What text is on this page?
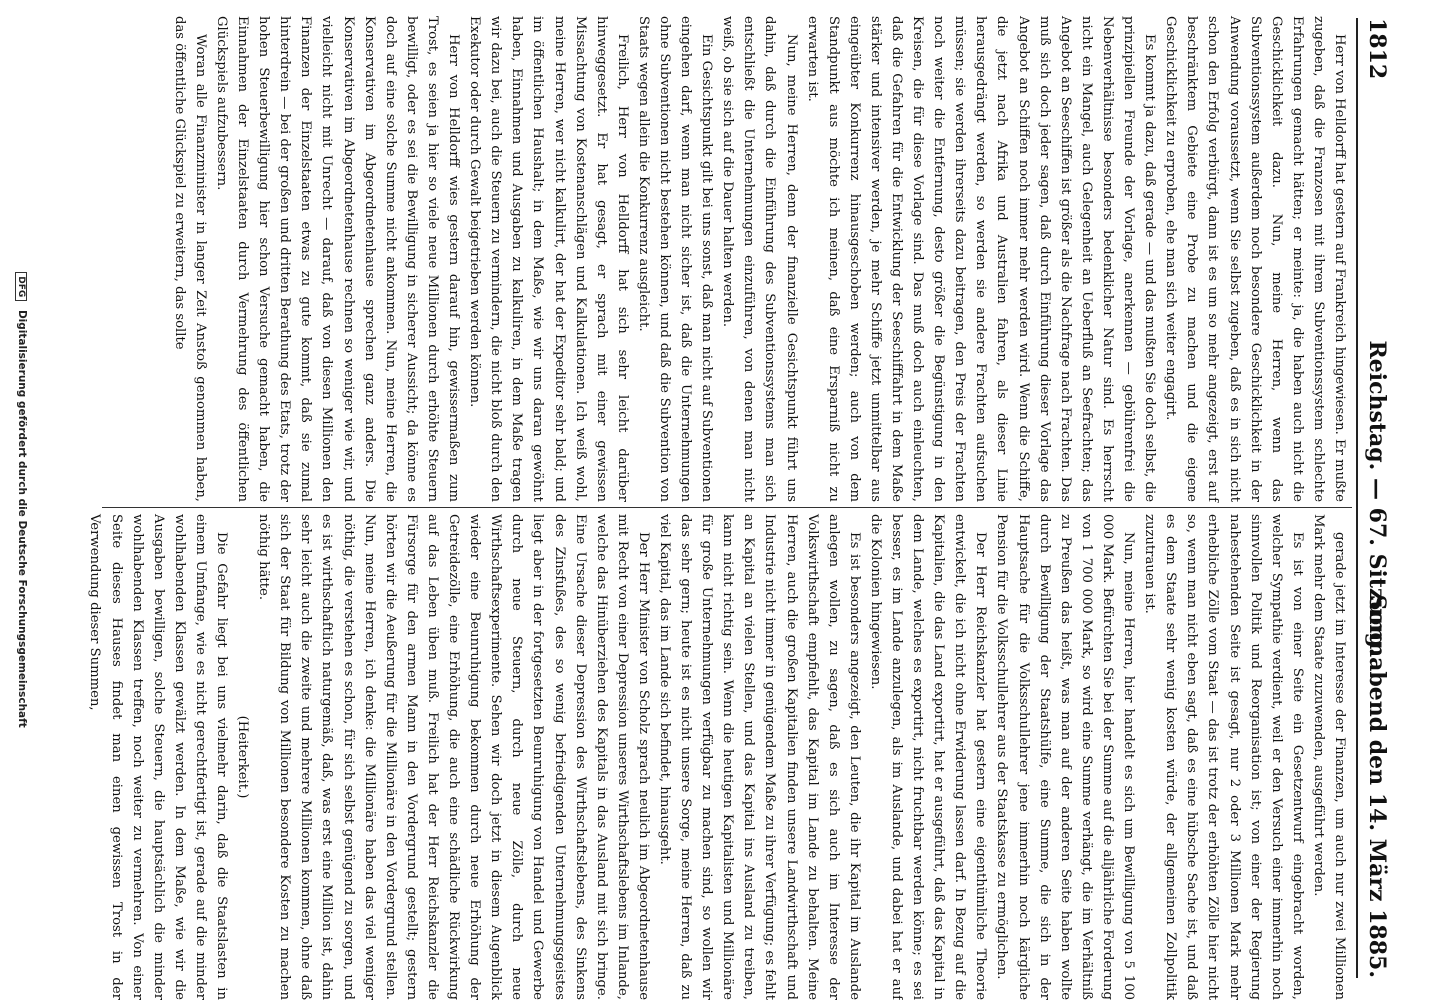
1812
Reichstag. — 67. Sitzung.
Sonnabend den 14. März 1885.

Herr von Helldorff hat gestern auf Frankreich hingewiesen. Er mußte zugeben, daß die Franzosen mit ihrem Subventionssystem schlechte Erfahrungen gemacht hätten; er meinte: ja, die haben auch nicht die Geschicklichkeit dazu. Nun, meine Herren, wenn das Subventionssystem außerdem noch besondere Geschicklichkeit in der Anwendung voraussetzt, wenn Sie selbst zugeben, daß es in sich nicht schon den Erfolg verbürgt, dann ist es um so mehr angezeigt, erst auf beschränktem Gebiete eine Probe zu machen und die eigene Geschicklichkeit zu erproben, ehe man sich weiter engagirt.

Es kommt ja dazu, daß gerade — und das mußten Sie doch selbst, die prinzipiellen Freunde der Vorlage, anerkennen — gebührenfrei die Nebenverhältnisse besonders bedenklicher Natur sind. Es herrscht nicht ein Mangel, auch Gelegenheit an Ueberfluß an Seefrachten; das Angebot an Seeschiffen ist größer als die Nachfrage nach Frachten. Das muß sich doch jeder sagen, daß durch Einführung dieser Vorlage das Angebot an Schiffen noch immer mehr werden wird. Wenn die Schiffe, die jetzt nach Afrika und Australien fahren, als dieser Linie herausgedrängt werden, so werden sie andere Frachten aufsuchen müssen; sie werden ihrerseits dazu beitragen, den Preis der Frachten noch weiter die Entfernung, desto größer die Begünstigung in den Kreisen, die für diese Vorlage sind. Das muß doch auch einleuchten, daß die Gefahren für die Entwicklung der Seeschifffahrt in dem Maße stärker und intensiver werden, je mehr Schiffe jetzt unmittelbar aus eingeübter Konkurrenz hinausgeschoben werden; auch von dem Standpunkt aus möchte ich meinen, daß eine Ersparniß nicht zu erwarten ist.

Nun, meine Herren, denn der finanzielle Gesichtspunkt führt uns dahin, daß durch die Einführung des Subventionssystems man sich entschließt die Unternehmungen einzuführen, von denen man nicht weiß, ob sie sich auf die Dauer halten werden.

Ein Gesichtspunkt gilt bei uns sonst, daß man nicht auf Subventionen eingehen darf, wenn man nicht sicher ist, daß die Unternehmungen ohne Subventionen nicht bestehen können, und daß die Subvention von Staats wegen allein die Konkurrenz ausgleicht.

Freilich, Herr von Helldorff hat sich sehr leicht darüber hinweggesetzt. Er hat gesagt, er sprach mit einer gewissen Missachtung von Kostenanschlägen und Kalkulationen. Ich weiß wohl, meine Herren, wer nicht kalkulirt, der hat der Expeditor sehr bald; und im öffentlichen Haushalt; in dem Maße, wie wir uns daran gewöhnt haben, Einnahmen und Ausgaben zu kalkuliren, in dem Maße tragen wir dazu bei, auch die Steuern zu vermindern, die nicht bloß durch den Exekutor oder durch Gewalt beigetrieben werden können.

Herr von Helldorff wies gestern darauf hin, gewissermaßen zum Trost, es seien ja hier so viele neue Millionen durch erhöhte Steuern bewilligt, oder es sei die Bewilligung in sicherer Aussicht; da könne es doch auf eine solche Summe nicht ankommen. Nun, meine Herren, die Konservativen im Abgeordnetenhause sprechen ganz anders. Die Konservativen im Abgeordnetenhause rechnen so weniger wie wir, und vielleicht nicht mit Unrecht — darauf, daß von diesen Millionen den Finanzen der Einzelstaaten etwas zu gute kommt, daß sie zumal hinterdrein — bei der großen und dritten Berathung des Etats, trotz der hohen Steuerbewilligung hier schon Versuche gemacht haben, die Einnahmen der Einzelstaaten durch Vermehrung des öffentlichen Glückspiels aufzubessern.

Woran alle Finanzminister in langer Zeit Anstoß genommen haben, das öffentliche Glückspiel zu erweitern, das sollte

gerade jetzt im Interesse der Finanzen, um auch nur zwei Millionen Mark mehr dem Staate zuzuwenden, ausgeführt werden.

Es ist von einer Seite ein Gesetzentwurf eingebracht worden, welcher Sympathie verdient, weil er den Versuch einer immerhin noch sinnvollen Politik und Reorganisation ist; von einer der Regierung nahestehenden Seite ist gesagt, nur 2 oder 3 Millionen Mark mehr erhebliche Zölle vom Staat — das ist trotz der erhöhten Zölle hier nicht so, wenn man nicht eben sagt, daß es eine hübsche Sache ist, und daß es dem Staate sehr wenig kosten würde, der allgemeinen Zollpolitik zuzutrauen ist.

Nun, meine Herren, hier handelt es sich um Bewilligung von 5 100 000 Mark. Befürchten Sie bei der Summe auf die alljährliche Forderung von 1 700 000 Mark, so wird eine Summe verhängt, die im Verhältniß zu Preußen das heißt, was man auf der anderen Seite haben wollte durch Bewilligung der Staatshülfe, eine Summe, die sich in der Hauptsache für die Volksschullehrer jene immerhin noch kärgliche Pension für die Volksschullehrer aus der Staatskasse zu ermöglichen.

Der Herr Reichskanzler hat gestern eine eigenthümliche Theorie entwickelt, die ich nicht ohne Erwiderung lassen darf. In Bezug auf die Kapitalien, die das Land exportirt, hat er ausgeführt, daß das Kapital in dem Lande, welches es exportirt, nicht fruchtbar werden könne; es sei besser, es im Lande anzulegen, als im Auslande, und dabei hat er auf die Kolonien hingewiesen.

Es ist besonders angezeigt, den Leuten, die ihr Kapital im Auslande anlegen wollen, zu sagen, daß es sich auch im Interesse der Volkswirthschaft empfiehlt, das Kapital im Lande zu behalten. Meine Herren, auch die großen Kapitalien finden unsere Landwirthschaft und Industrie nicht immer in genügendem Maße zu ihrer Verfügung; es fehlt an Kapital an vielen Stellen, und das Kapital ins Ausland zu treiben, kann nicht richtig sein. Wenn die heutigen Kapitalisten und Millionäre für große Unternehmungen verfügbar zu machen sind, so wollen wir das sehr gern; heute ist es nicht unsere Sorge, meine Herren, daß zu viel Kapital, das im Lande sich befindet, hinausgeht.

Der Herr Minister von Scholz sprach neulich im Abgeordnetenhause mit Recht von einer Depression unseres Wirthschaftslebens im Inlande, welche das Hinüberziehen des Kapitals in das Ausland mit sich bringe. Eine Ursache dieser Depression des Wirthschaftslebens, des Sinkens des Zinsfußes, des so wenig befriedigenden Unternehmungsgeistes liegt aber in der fortgesetzten Beunruhigung von Handel und Gewerbe durch neue Steuern, durch neue Zölle, durch neue Wirthschaftsexperimente. Sehen wir doch jetzt in diesem Augenblick wieder eine Beunruhigung bekommen durch neue Erhöhung der Getreidezölle, eine Erhöhung, die auch eine schädliche Rückwirkung auf das Leben üben muß. Freilich hat der Herr Reichskanzler die Fürsorge für den armen Mann in den Vordergrund gestellt; gestern hörten wir die Aeußerung für die Millionäre in den Vordergrund stellen. Nun, meine Herren, ich denke: die Millionäre haben das viel weniger nöthig, die verstehen es schon, für sich selbst genügend zu sorgen, und es ist wirthschaftlich naturgemäß, daß, was erst eine Million ist, dahin sehr leicht auch die zweite und mehrere Millionen kommen, ohne daß sich der Staat für Bildung von Millionen besondere Kosten zu machen nöthig hätte.

(Heiterkeit.)

Die Gefahr liegt bei uns vielmehr darin, daß die Staatslasten in einem Umfange, wie es nicht gerechtfertigt ist, gerade auf die minder wohlhabenden Klassen gewälzt werden. In dem Maße, wie wir die Ausgaben bewilligen, solche Steuern, die hauptsächlich die minder wohlhabenden Klassen treffen, noch weiter zu vermehren. Von einer Seite dieses Hauses findet man einen gewissen Trost in der Verwendung dieser Summen,

DFG Digitalisierung gefördert durch die Deutsche Forschungsgemeinschaft
